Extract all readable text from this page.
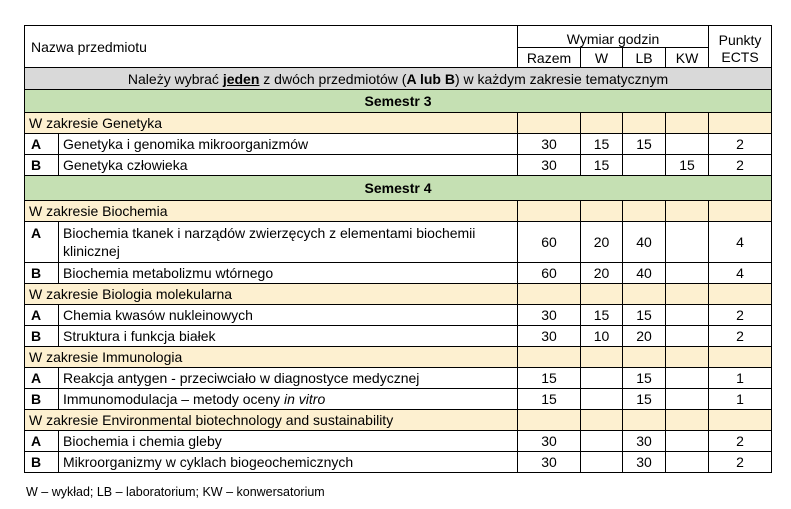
Nazwa przedmiotu		Wymiar godzin				Punkty
		Razem	W	LB	KW	ECTS
Należy wybrać jeden z dwóch przedmiotów (A lub B) w każdym zakresie tematycznym						
Semestr 3						
W zakresie Genetyka						
A	Genetyka i genomika mikroorganizmów	30	15	15		2
B	Genetyka człowieka	30	15		15	2
Semestr 4						
W zakresie Biochemia						
A	Biochemia tkanek i narządów zwierzęcych z elementami biochemii klinicznej	60	20	40		4
B	Biochemia metabolizmu wtórnego	60	20	40		4
W zakresie Biologia molekularna						
A	Chemia kwasów nukleinowych	30	15	15		2
B	Struktura i funkcja białek	30	10	20		2
W zakresie Immunologia						
A	Reakcja antygen - przeciwciało w diagnostyce medycznej	15		15		1
B	Immunomodulacja – metody oceny in vitro	15		15		1
W zakresie Environmental biotechnology and sustainability						
A	Biochemia i chemia gleby	30		30		2
B	Mikroorganizmy w cyklach biogeochemicznych	30		30		2
W – wykład; LB – laboratorium; KW – konwersatorium
